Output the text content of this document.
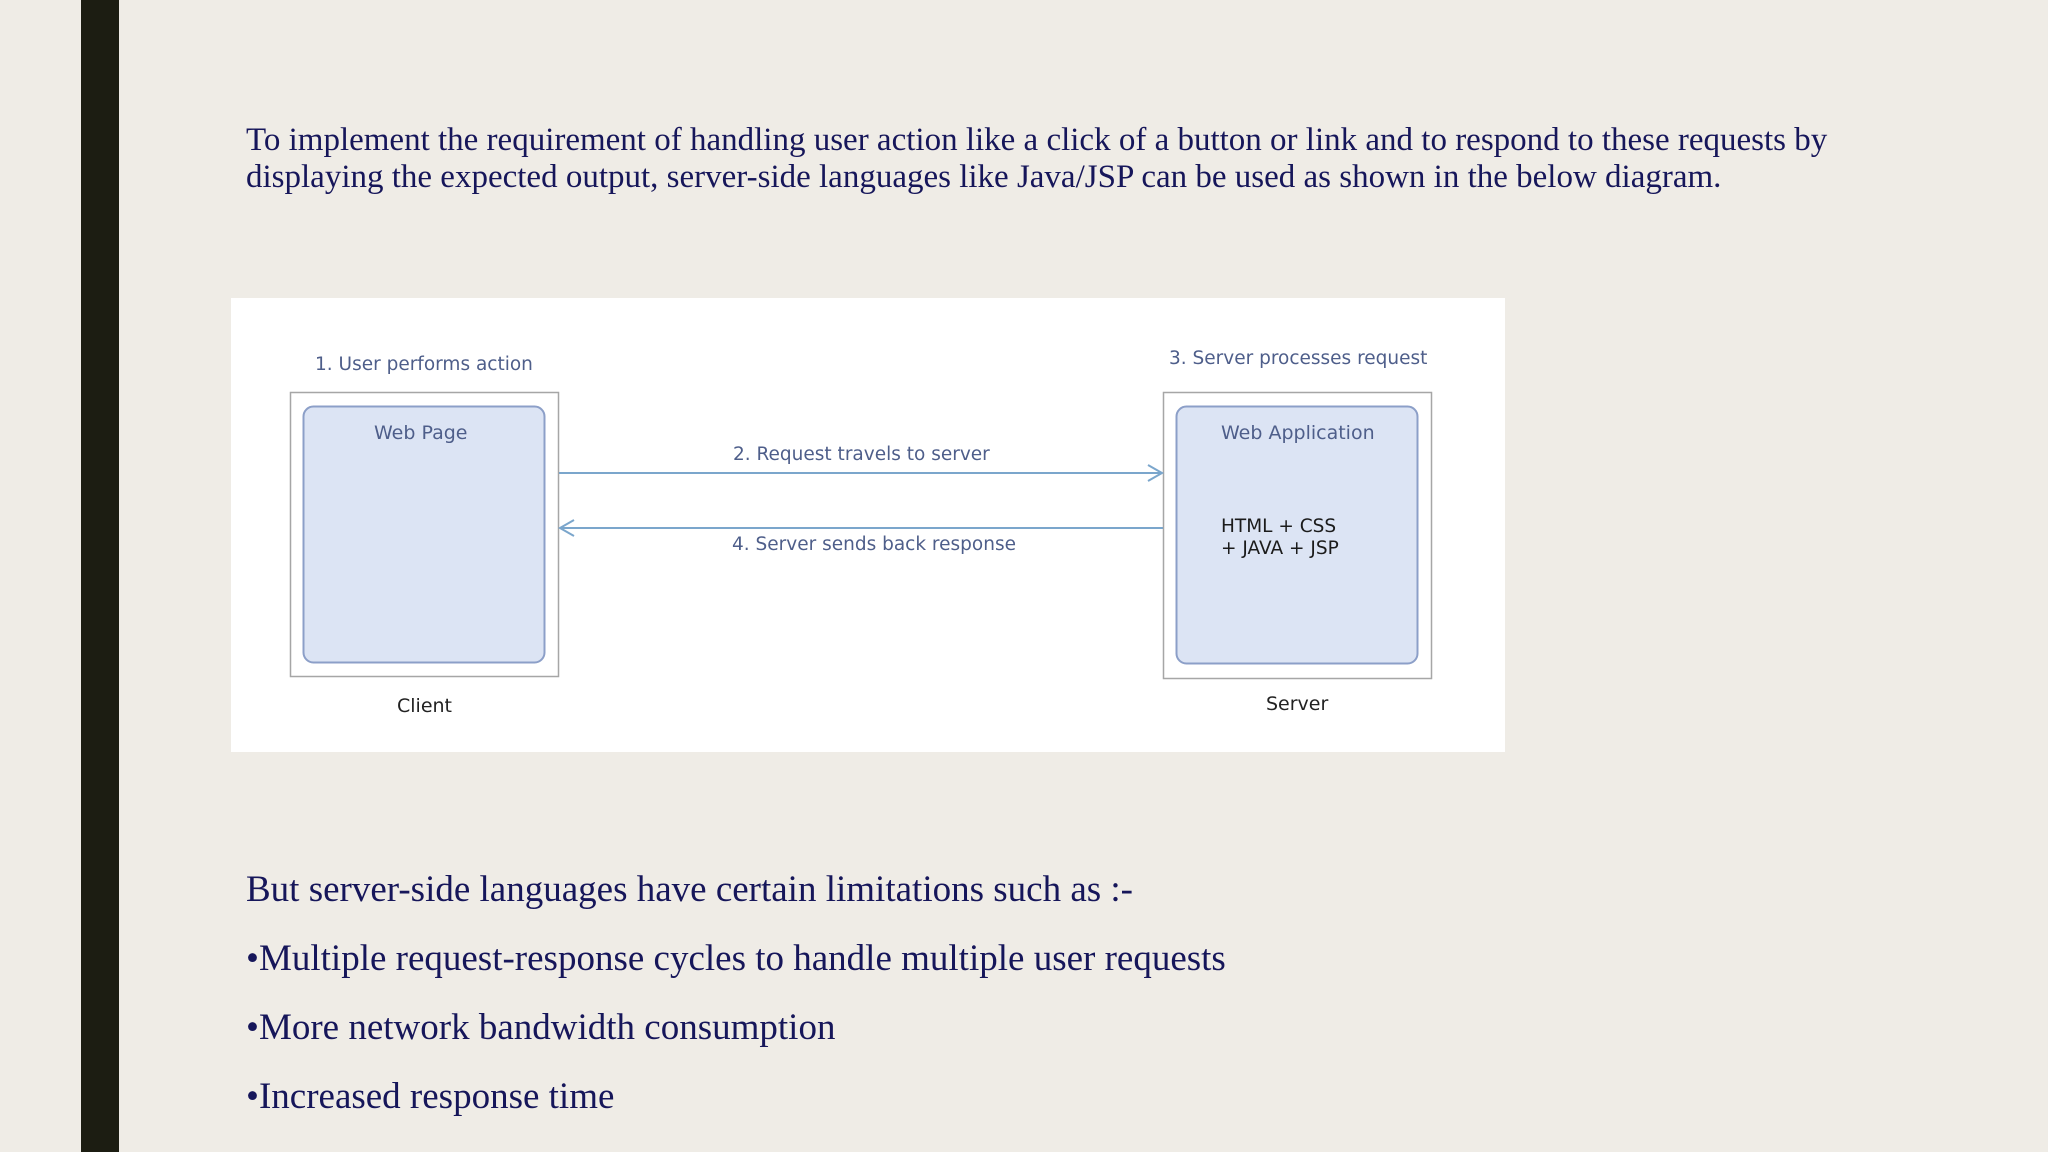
To implement the requirement of handling user action like a click of a button or link and to respond to these requests by displaying the expected output, server-side languages like Java/JSP can be used as shown in the below diagram.
1. User performs action	3. Server processes request
Web Page	Web Application
2. Request travels to server
4. Server sends back response
HTML + CSS
+ JAVA + JSP
Client	Server
But server-side languages have certain limitations such as :-
•Multiple request-response cycles to handle multiple user requests
•More network bandwidth consumption
•Increased response time
